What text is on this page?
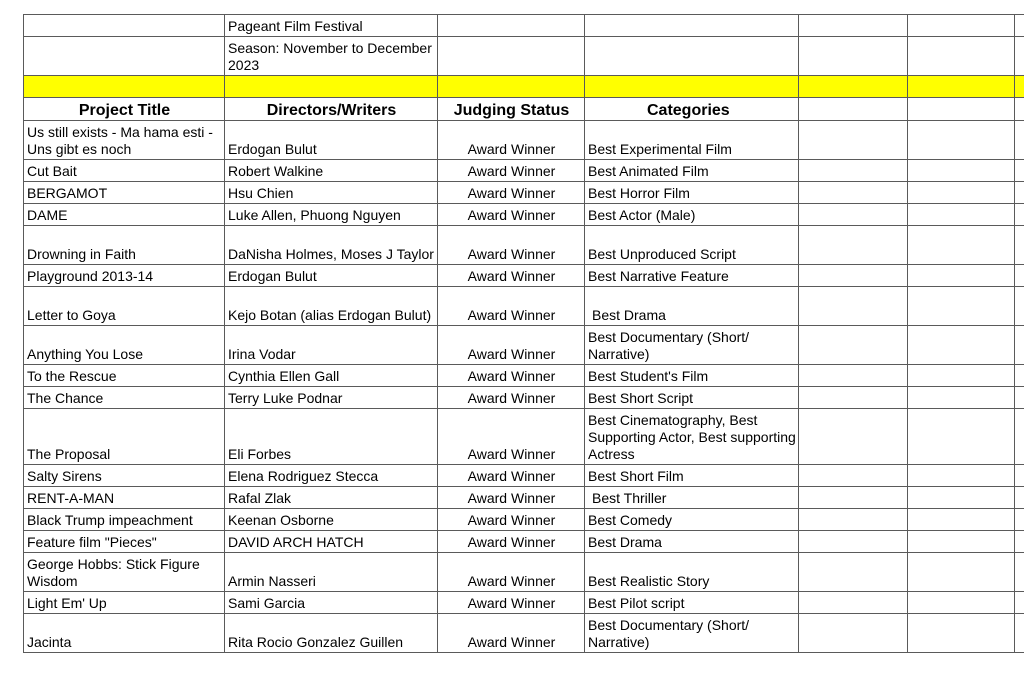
	Pageant Film Festival					
	Season: November to December 2023					

Project Title	Directors/Writers	Judging Status	Categories			
Us still exists - Ma hama esti - Uns gibt es noch	Erdogan Bulut	Award Winner	Best Experimental Film			
Cut Bait	Robert Walkine	Award Winner	Best Animated Film			
BERGAMOT	Hsu Chien	Award Winner	Best Horror Film			
DAME	Luke Allen, Phuong Nguyen	Award Winner	Best Actor (Male)			
Drowning in Faith	DaNisha Holmes, Moses J Taylor	Award Winner	Best Unproduced Script			
Playground 2013-14	Erdogan Bulut	Award Winner	Best Narrative Feature			
Letter to Goya	Kejo Botan (alias Erdogan Bulut)	Award Winner	Best Drama			
Anything You Lose	Irina Vodar	Award Winner	Best Documentary (Short/ Narrative)			
To the Rescue	Cynthia Ellen Gall	Award Winner	Best Student's Film			
The Chance	Terry Luke Podnar	Award Winner	Best Short Script			
The Proposal	Eli Forbes	Award Winner	Best Cinematography, Best Supporting Actor, Best supporting Actress			
Salty Sirens	Elena Rodriguez Stecca	Award Winner	Best Short Film			
RENT-A-MAN	Rafal Zlak	Award Winner	Best Thriller			
Black Trump impeachment	Keenan Osborne	Award Winner	Best Comedy			
Feature film "Pieces"	DAVID ARCH HATCH	Award Winner	Best Drama			
George Hobbs: Stick Figure Wisdom	Armin Nasseri	Award Winner	Best Realistic Story			
Light Em' Up	Sami Garcia	Award Winner	Best Pilot script			
Jacinta	Rita Rocio Gonzalez Guillen	Award Winner	Best Documentary (Short/ Narrative)			
